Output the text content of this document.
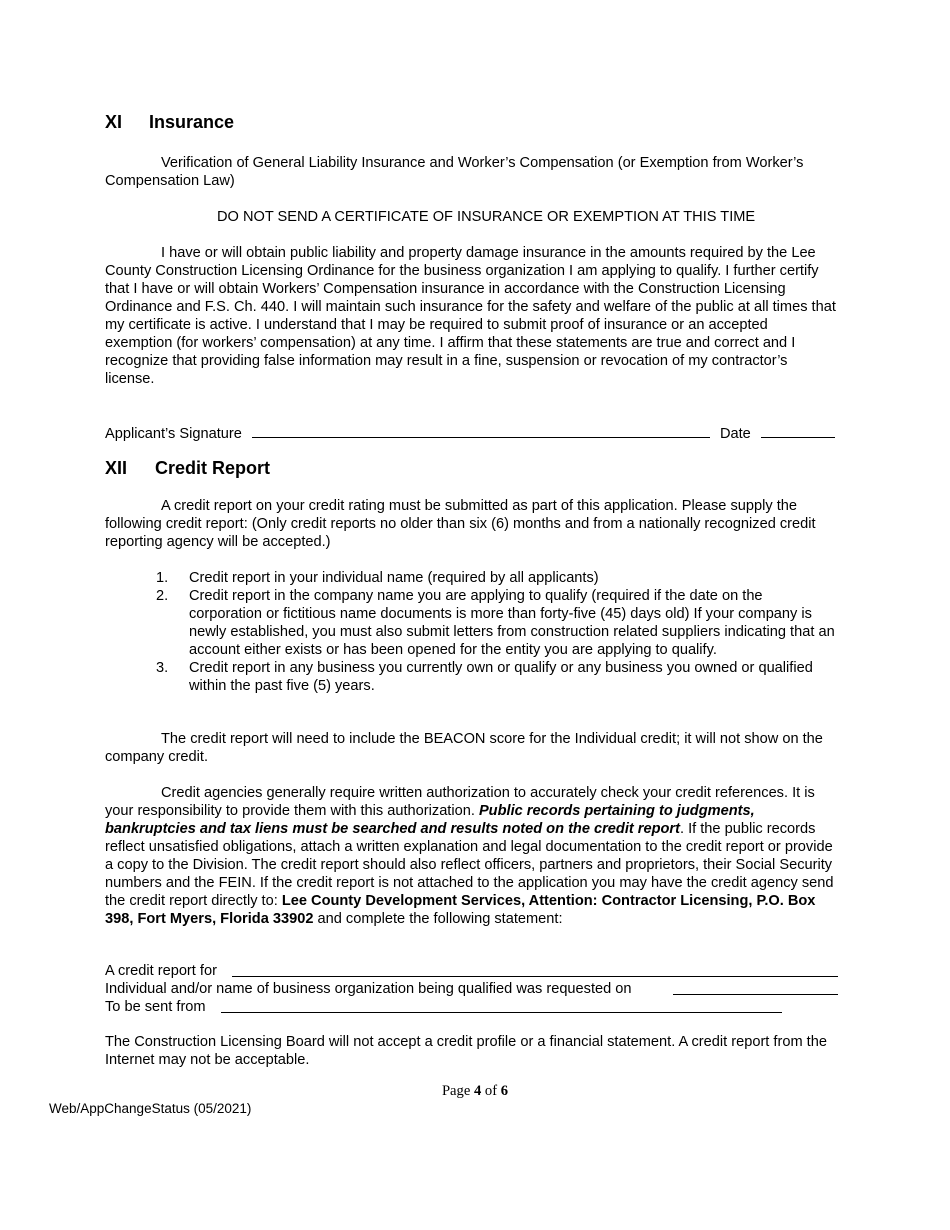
XI Insurance

Verification of General Liability Insurance and Worker’s Compensation (or Exemption from Worker’s Compensation Law)

DO NOT SEND A CERTIFICATE OF INSURANCE OR EXEMPTION AT THIS TIME

I have or will obtain public liability and property damage insurance in the amounts required by the Lee County Construction Licensing Ordinance for the business organization I am applying to qualify. I further certify that I have or will obtain Workers’ Compensation insurance in accordance with the Construction Licensing Ordinance and F.S. Ch. 440. I will maintain such insurance for the safety and welfare of the public at all times that my certificate is active. I understand that I may be required to submit proof of insurance or an accepted exemption (for workers’ compensation) at any time. I affirm that these statements are true and correct and I recognize that providing false information may result in a fine, suspension or revocation of my contractor’s license.

Applicant’s Signature	Date
XII Credit Report

A credit report on your credit rating must be submitted as part of this application. Please supply the following credit report: (Only credit reports no older than six (6) months and from a nationally recognized credit reporting agency will be accepted.)

1. Credit report in your individual name (required by all applicants)
2. Credit report in the company name you are applying to qualify (required if the date on the corporation or fictitious name documents is more than forty-five (45) days old) If your company is newly established, you must also submit letters from construction related suppliers indicating that an account either exists or has been opened for the entity you are applying to qualify.
3. Credit report in any business you currently own or qualify or any business you owned or qualified within the past five (5) years.

The credit report will need to include the BEACON score for the Individual credit; it will not show on the company credit.

Credit agencies generally require written authorization to accurately check your credit references. It is your responsibility to provide them with this authorization. Public records pertaining to judgments, bankruptcies and tax liens must be searched and results noted on the credit report. If the public records reflect unsatisfied obligations, attach a written explanation and legal documentation to the credit report or provide a copy to the Division. The credit report should also reflect officers, partners and proprietors, their Social Security numbers and the FEIN. If the credit report is not attached to the application you may have the credit agency send the credit report directly to: Lee County Development Services, Attention: Contractor Licensing, P.O. Box 398, Fort Myers, Florida 33902 and complete the following statement:

A credit report for
Individual and/or name of business organization being qualified was requested on
To be sent from

The Construction Licensing Board will not accept a credit profile or a financial statement. A credit report from the Internet may not be acceptable.

Page 4 of 6
Web/AppChangeStatus (05/2021)
